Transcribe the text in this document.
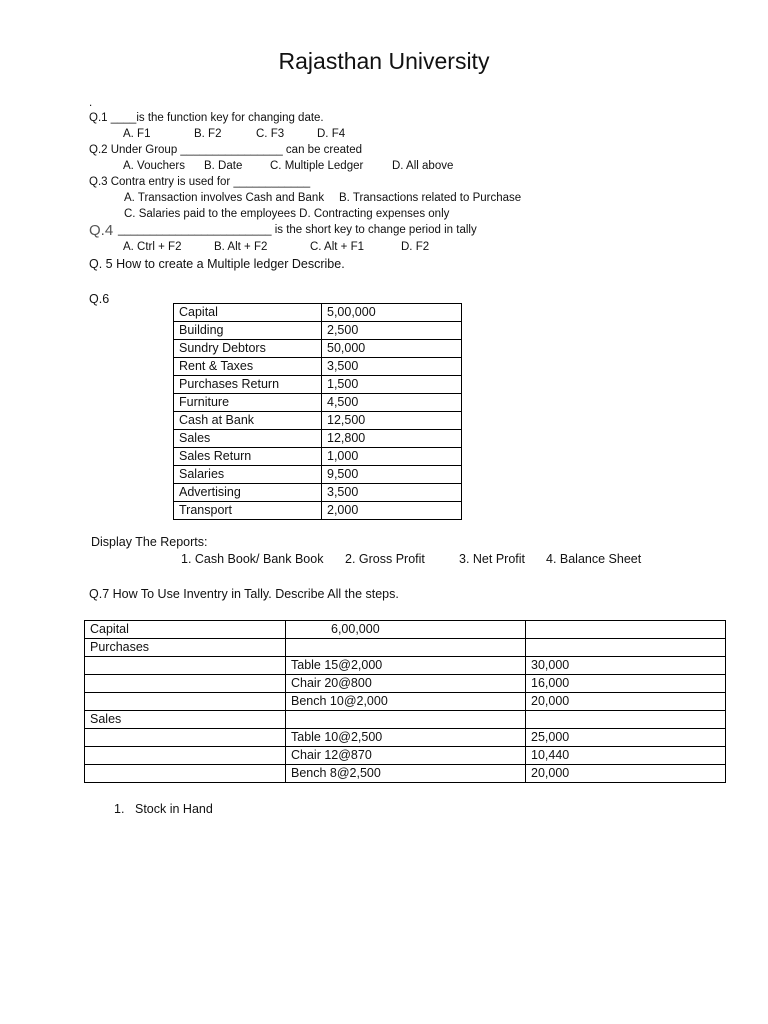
Rajasthan University
.
Q.1 ____is the function key for changing date.
A. F1	B. F2	C. F3	D. F4
Q.2 Under Group ________________ can be created
A. Vouchers B. Date C. Multiple Ledger D. All above
Q.3 Contra entry is used for ____________
A. Transaction involves Cash and Bank B. Transactions related to Purchase
C. Salaries paid to the employees D. Contracting expenses only
Q.4 ________________________ is the short key to change period in tally
A. Ctrl + F2	B. Alt + F2	C. Alt + F1	D. F2
Q. 5 How to create a Multiple ledger Describe.
Q.6
Capital	5,00,000
Building	2,500
Sundry Debtors	50,000
Rent & Taxes	3,500
Purchases Return	1,500
Furniture	4,500
Cash at Bank	12,500
Sales	12,800
Sales Return	1,000
Salaries	9,500
Advertising	3,500
Transport	2,000
Display The Reports:
1. Cash Book/ Bank Book 2. Gross Profit	3. Net Profit 4. Balance Sheet
Q.7 How To Use Inventry in Tally. Describe All the steps.
Capital	6,00,000	
Purchases		
	Table 15@2,000	30,000
	Chair 20@800	16,000
	Bench 10@2,000	20,000
Sales		
	Table 10@2,500	25,000
	Chair 12@870	10,440
	Bench 8@2,500	20,000
1. Stock in Hand
